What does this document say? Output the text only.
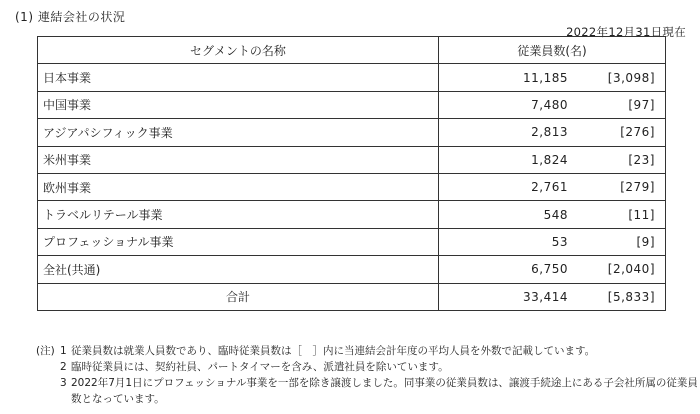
(1) 連結会社の状況
2022年12月31日現在
セグメントの名称	従業員数(名)
日本事業	11,185 [3,098]

中国事業	7,480 [97]

アジアパシフィック事業	2,813 [276]

米州事業	1,824 [23]

欧州事業	2,761 [279]

トラベルリテール事業	548 [11]

プロフェッショナル事業	53 [9]

全社(共通)	6,750 [2,040]

合計	33,414 [5,833]
(注) 1 従業員数は就業人員数であり、臨時従業員数は［　］内に当連結会計年度の平均人員を外数で記載しています。
2 臨時従業員には、契約社員、パートタイマーを含み、派遣社員を除いています。
3 2022年7月1日にプロフェッショナル事業を一部を除き譲渡しました。同事業の従業員数は、譲渡手続途上にある子会社所属の従業員
数となっています。
